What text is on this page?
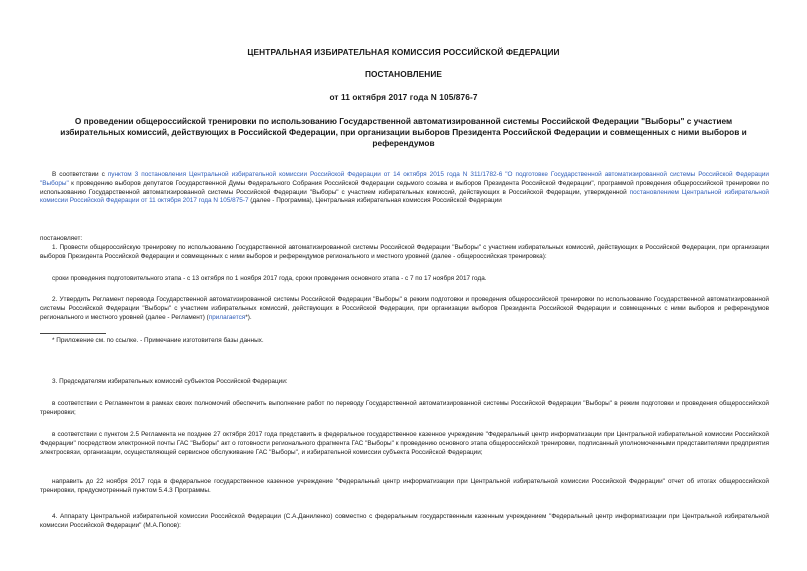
ЦЕНТРАЛЬНАЯ ИЗБИРАТЕЛЬНАЯ КОМИССИЯ РОССИЙСКОЙ ФЕДЕРАЦИИ
ПОСТАНОВЛЕНИЕ
от 11 октября 2017 года N 105/876-7
О проведении общероссийской тренировки по использованию Государственной автоматизированной системы Российской Федерации "Выборы" с участием избирательных комиссий, действующих в Российской Федерации, при организации выборов Президента Российской Федерации и совмещенных с ними выборов и референдумов

В соответствии с пунктом 3 постановления Центральной избирательной комиссии Российской Федерации от 14 октября 2015 года N 311/1782-6 "О подготовке Государственной автоматизированной системы Российской Федерации "Выборы" к проведению выборов депутатов Государственной Думы Федерального Собрания Российской Федерации седьмого созыва и выборов Президента Российской Федерации", программой проведения общероссийской тренировки по использованию Государственной автоматизированной системы Российской Федерации "Выборы" с участием избирательных комиссий, действующих в Российской Федерации, утвержденной постановлением Центральной избирательной комиссии Российской Федерации от 11 октября 2017 года N 105/875-7 (далее - Программа), Центральная избирательная комиссия Российской Федерации

постановляет:

1. Провести общероссийскую тренировку по использованию Государственной автоматизированной системы Российской Федерации "Выборы" с участием избирательных комиссий, действующих в Российской Федерации, при организации выборов Президента Российской Федерации и совмещенных с ними выборов и референдумов регионального и местного уровней (далее - общероссийская тренировка):

сроки проведения подготовительного этапа - с 13 октября по 1 ноября 2017 года, сроки проведения основного этапа - с 7 по 17 ноября 2017 года.

2. Утвердить Регламент перевода Государственной автоматизированной системы Российской Федерации "Выборы" в режим подготовки и проведения общероссийской тренировки по использованию Государственной автоматизированной системы Российской Федерации "Выборы" с участием избирательных комиссий, действующих в Российской Федерации, при организации выборов Президента Российской Федерации и совмещенных с ними выборов и референдумов регионального и местного уровней (далее - Регламент) (прилагается*).

* Приложение см. по ссылке. - Примечание изготовителя базы данных.

3. Председателям избирательных комиссий субъектов Российской Федерации:

в соответствии с Регламентом в рамках своих полномочий обеспечить выполнение работ по переводу Государственной автоматизированной системы Российской Федерации "Выборы" в режим подготовки и проведения общероссийской тренировки;

в соответствии с пунктом 2.5 Регламента не позднее 27 октября 2017 года представить в федеральное государственное казенное учреждение "Федеральный центр информатизации при Центральной избирательной комиссии Российской Федерации" посредством электронной почты ГАС "Выборы" акт о готовности регионального фрагмента ГАС "Выборы" к проведению основного этапа общероссийской тренировки, подписанный уполномоченными представителями предприятия электросвязи, организации, осуществляющей сервисное обслуживание ГАС "Выборы", и избирательной комиссии субъекта Российской Федерации;

направить до 22 ноября 2017 года в федеральное государственное казенное учреждение "Федеральный центр информатизации при Центральной избирательной комиссии Российской Федерации" отчет об итогах общероссийской тренировки, предусмотренный пунктом 5.4.3 Программы.

4. Аппарату Центральной избирательной комиссии Российской Федерации (С.А.Даниленко) совместно с федеральным государственным казенным учреждением "Федеральный центр информатизации при Центральной избирательной комиссии Российской Федерации" (М.А.Попов):
